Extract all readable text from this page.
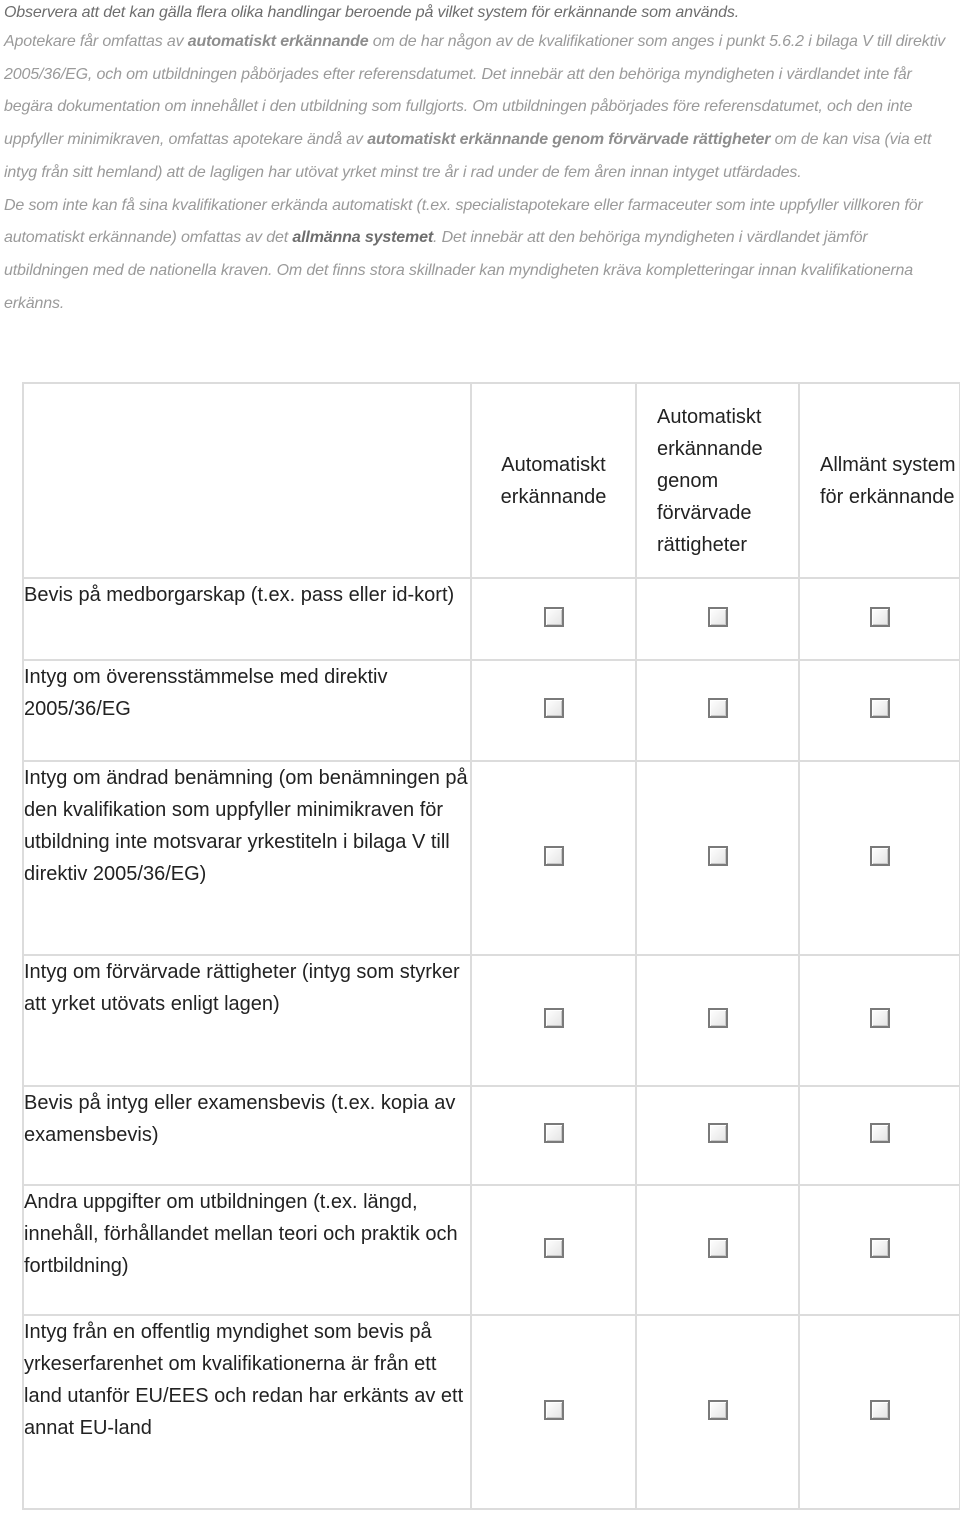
Observera att det kan gälla flera olika handlingar beroende på vilket system för erkännande som används.

Apotekare får omfattas av automatiskt erkännande om de har någon av de kvalifikationer som anges i punkt 5.6.2 i bilaga V till direktiv 2005/36/EG, och om utbildningen påbörjades efter referensdatumet. Det innebär att den behöriga myndigheten i värdlandet inte får begära dokumentation om innehållet i den utbildning som fullgjorts. Om utbildningen påbörjades före referensdatumet, och den inte uppfyller minimikraven, omfattas apotekare ändå av automatiskt erkännande genom förvärvade rättigheter om de kan visa (via ett intyg från sitt hemland) att de lagligen har utövat yrket minst tre år i rad under de fem åren innan intyget utfärdades.

De som inte kan få sina kvalifikationer erkända automatiskt (t.ex. specialistapotekare eller farmaceuter som inte uppfyller villkoren för automatiskt erkännande) omfattas av det allmänna systemet. Det innebär att den behöriga myndigheten i värdlandet jämför utbildningen med de nationella kraven. Om det finns stora skillnader kan myndigheten kräva kompletteringar innan kvalifikationerna erkänns.

	Automatiskt erkännande	Automatiskt erkännande genom förvärvade rättigheter	Allmänt system för erkännande
Bevis på medborgarskap (t.ex. pass eller id-kort)			
Intyg om överensstämmelse med direktiv 2005/36/EG			
Intyg om ändrad benämning (om benämningen på den kvalifikation som uppfyller minimikraven för utbildning inte motsvarar yrkestiteln i bilaga V till direktiv 2005/36/EG)			
Intyg om förvärvade rättigheter (intyg som styrker att yrket utövats enligt lagen)			
Bevis på intyg eller examensbevis (t.ex. kopia av examensbevis)			
Andra uppgifter om utbildningen (t.ex. längd, innehåll, förhållandet mellan teori och praktik och fortbildning)			
Intyg från en offentlig myndighet som bevis på yrkeserfarenhet om kvalifikationerna är från ett land utanför EU/EES och redan har erkänts av ett annat EU-land			
